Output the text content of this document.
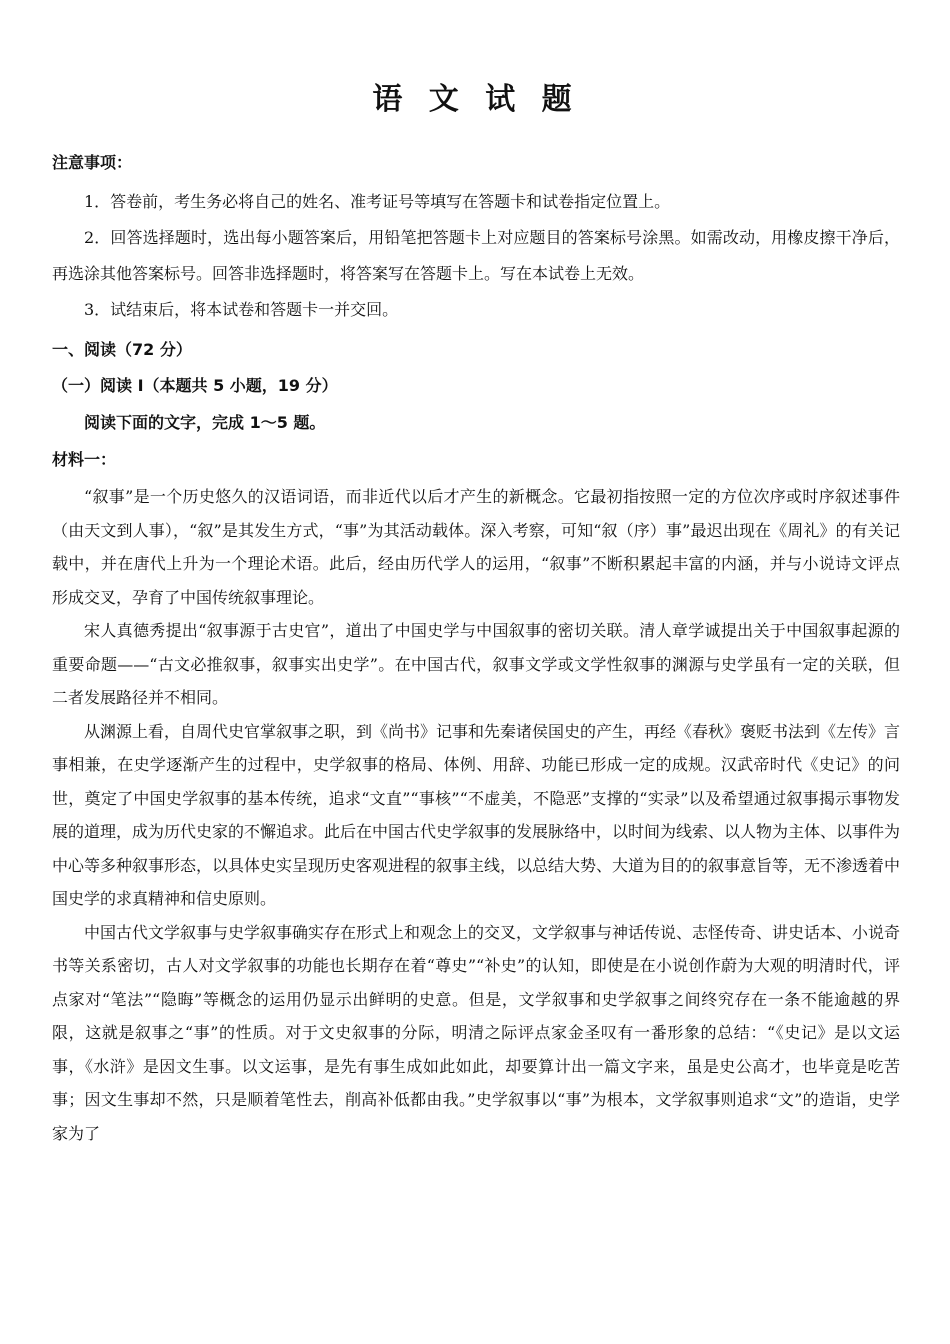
语 文 试 题
注意事项：
1．答卷前，考生务必将自己的姓名、准考证号等填写在答题卡和试卷指定位置上。
2．回答选择题时，选出每小题答案后，用铅笔把答题卡上对应题目的答案标号涂黑。如需改动，用橡皮擦干净后，再选涂其他答案标号。回答非选择题时，将答案写在答题卡上。写在本试卷上无效。
3．试结束后，将本试卷和答题卡一并交回。
一、阅读（72 分）
（一）阅读 I（本题共 5 小题，19 分）
阅读下面的文字，完成 1～5 题。
材料一：

“叙事”是一个历史悠久的汉语词语，而非近代以后才产生的新概念。它最初指按照一定的方位次序或时序叙述事件（由天文到人事），“叙”是其发生方式，“事”为其活动载体。深入考察，可知“叙（序）事”最迟出现在《周礼》的有关记载中，并在唐代上升为一个理论术语。此后，经由历代学人的运用，“叙事”不断积累起丰富的内涵，并与小说诗文评点形成交叉，孕育了中国传统叙事理论。

宋人真德秀提出“叙事源于古史官”，道出了中国史学与中国叙事的密切关联。清人章学诚提出关于中国叙事起源的重要命题——“古文必推叙事，叙事实出史学”。在中国古代，叙事文学或文学性叙事的渊源与史学虽有一定的关联，但二者发展路径并不相同。

从渊源上看，自周代史官掌叙事之职，到《尚书》记事和先秦诸侯国史的产生，再经《春秋》褒贬书法到《左传》言事相兼，在史学逐渐产生的过程中，史学叙事的格局、体例、用辞、功能已形成一定的成规。汉武帝时代《史记》的问世，奠定了中国史学叙事的基本传统，追求“文直”“事核”“不虚美，不隐恶”支撑的“实录”以及希望通过叙事揭示事物发展的道理，成为历代史家的不懈追求。此后在中国古代史学叙事的发展脉络中，以时间为线索、以人物为主体、以事件为中心等多种叙事形态，以具体史实呈现历史客观进程的叙事主线，以总结大势、大道为目的的叙事意旨等，无不渗透着中国史学的求真精神和信史原则。

中国古代文学叙事与史学叙事确实存在形式上和观念上的交叉，文学叙事与神话传说、志怪传奇、讲史话本、小说奇书等关系密切，古人对文学叙事的功能也长期存在着“尊史”“补史”的认知，即使是在小说创作蔚为大观的明清时代，评点家对“笔法”“隐晦”等概念的运用仍显示出鲜明的史意。但是，文学叙事和史学叙事之间终究存在一条不能逾越的界限，这就是叙事之“事”的性质。对于文史叙事的分际，明清之际评点家金圣叹有一番形象的总结：“《史记》是以文运事，《水浒》是因文生事。以文运事，是先有事生成如此如此，却要算计出一篇文字来，虽是史公高才，也毕竟是吃苦事；因文生事却不然，只是顺着笔性去，削高补低都由我。”史学叙事以“事”为根本，文学叙事则追求“文”的造诣，史学家为了
